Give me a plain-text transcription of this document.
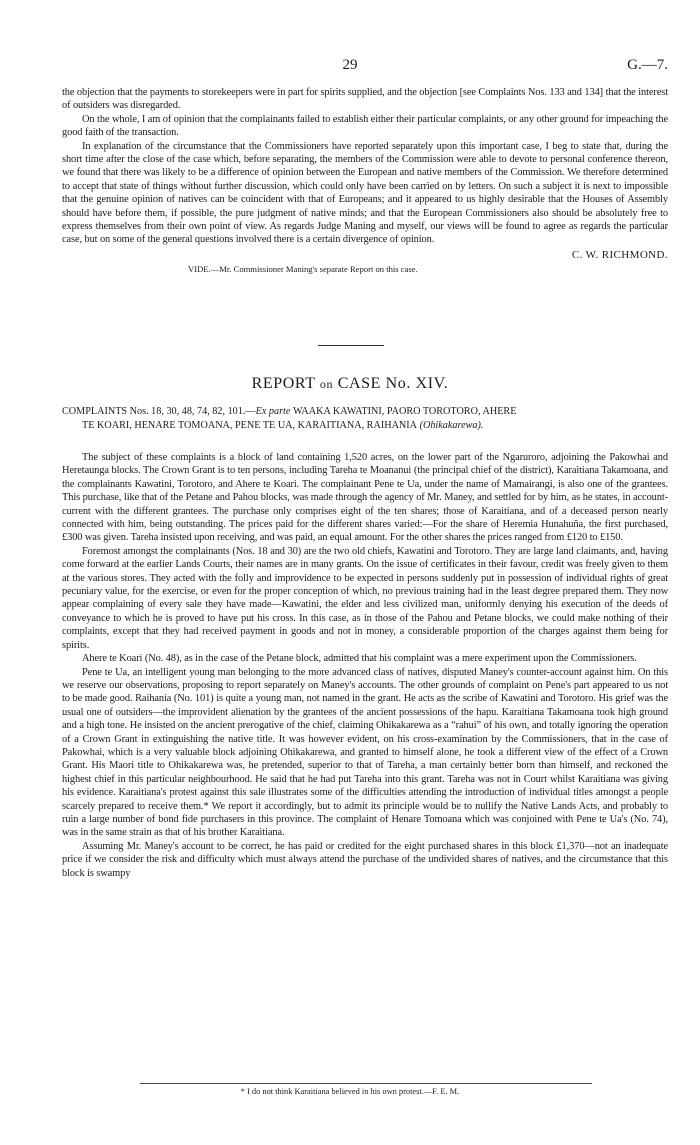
29	G.—7.

the objection that the payments to storekeepers were in part for spirits supplied, and the objection [see Complaints Nos. 133 and 134] that the interest of outsiders was disregarded.

On the whole, I am of opinion that the complainants failed to establish either their particular complaints, or any other ground for impeaching the good faith of the transaction.

In explanation of the circumstance that the Commissioners have reported separately upon this important case, I beg to state that, during the short time after the close of the case which, before separating, the members of the Commission were able to devote to personal conference thereon, we found that there was likely to be a difference of opinion between the European and native members of the Commission. We therefore determined to accept that state of things without further discussion, which could only have been carried on by letters. On such a subject it is next to impossible that the genuine opinion of natives can be coincident with that of Europeans; and it appeared to us highly desirable that the Houses of Assembly should have before them, if possible, the pure judgment of native minds; and that the European Commissioners also should be absolutely free to express themselves from their own point of view. As regards Judge Maning and myself, our views will be found to agree as regards the particular case, but on some of the general questions involved there is a certain divergence of opinion.

C. W. RICHMOND.

VIDE.—Mr. Commissioner Maning's separate Report on this case.

REPORT on CASE No. XIV.

COMPLAINTS Nos. 18, 30, 48, 74, 82, 101.—Ex parte WAAKA KAWATINI, PAORO TOROTORO, AHERE

TE KOARI, HENARE TOMOANA, PENE TE UA, KARAITIANA, RAIHANIA (Ohikakarewa).

The subject of these complaints is a block of land containing 1,520 acres, on the lower part of the Ngaruroro, adjoining the Pakowhai and Heretaunga blocks. The Crown Grant is to ten persons, including Tareha te Moananui (the principal chief of the district), Karaitiana Takamoana, and the complainants Kawatini, Torotoro, and Ahere te Koari. The complainant Pene te Ua, under the name of Mamairangi, is also one of the grantees. This purchase, like that of the Petane and Pahou blocks, was made through the agency of Mr. Maney, and settled for by him, as he states, in account-current with the different grantees. The purchase only comprises eight of the ten shares; those of Karaitiana, and of a deceased person nearly connected with him, being outstanding. The prices paid for the different shares varied:—For the share of Heremia Hunahuña, the first purchased, £300 was given. Tareha insisted upon receiving, and was paid, an equal amount. For the other shares the prices ranged from £120 to £150.

Foremost amongst the complainants (Nos. 18 and 30) are the two old chiefs, Kawatini and Torotoro. They are large land claimants, and, having come forward at the earlier Lands Courts, their names are in many grants. On the issue of certificates in their favour, credit was freely given to them at the various stores. They acted with the folly and improvidence to be expected in persons suddenly put in possession of individual rights of great pecuniary value, for the exercise, or even for the proper conception of which, no previous training had in the least degree prepared them. They now appear complaining of every sale they have made—Kawatini, the elder and less civilized man, uniformly denying his execution of the deeds of conveyance to which he is proved to have put his cross. In this case, as in those of the Pahou and Petane blocks, we could make nothing of their complaints, except that they had received payment in goods and not in money, a considerable proportion of the charges against them being for spirits.

Ahere te Koari (No. 48), as in the case of the Petane block, admitted that his complaint was a mere experiment upon the Commissioners.

Pene te Ua, an intelligent young man belonging to the more advanced class of natives, disputed Maney's counter-account against him. On this we reserve our observations, proposing to report separately on Maney's accounts. The other grounds of complaint on Pene's part appeared to us not to be made good. Raihania (No. 101) is quite a young man, not named in the grant. He acts as the scribe of Kawatini and Torotoro. His grief was the usual one of outsiders—the improvident alienation by the grantees of the ancient possessions of the hapu. Karaitiana Takamoana took high ground and a high tone. He insisted on the ancient prerogative of the chief, claiming Ohikakarewa as a “rahui” of his own, and totally ignoring the operation of a Crown Grant in extinguishing the native title. It was however evident, on his cross-examination by the Commissioners, that in the case of Pakowhai, which is a very valuable block adjoining Ohikakarewa, and granted to himself alone, he took a different view of the effect of a Crown Grant. His Maori title to Ohikakarewa was, he pretended, superior to that of Tareha, a man certainly better born than himself, and reckoned the highest chief in this particular neighbourhood. He said that he had put Tareha into this grant. Tareha was not in Court whilst Karaitiana was giving his evidence. Karaitiana's protest against this sale illustrates some of the difficulties attending the introduction of individual titles amongst a people scarcely prepared to receive them.* We report it accordingly, but to admit its principle would be to nullify the Native Lands Acts, and probably to ruin a large number of bond fide purchasers in this province. The complaint of Henare Tomoana which was conjoined with Pene te Ua's (No. 74), was in the same strain as that of his brother Karaitiana.

Assuming Mr. Maney's account to be correct, he has paid or credited for the eight purchased shares in this block £1,370—not an inadequate price if we consider the risk and difficulty which must always attend the purchase of the undivided shares of natives, and the circumstance that this block is swampy

* I do not think Karaitiana believed in his own protest.—F. E. M.
